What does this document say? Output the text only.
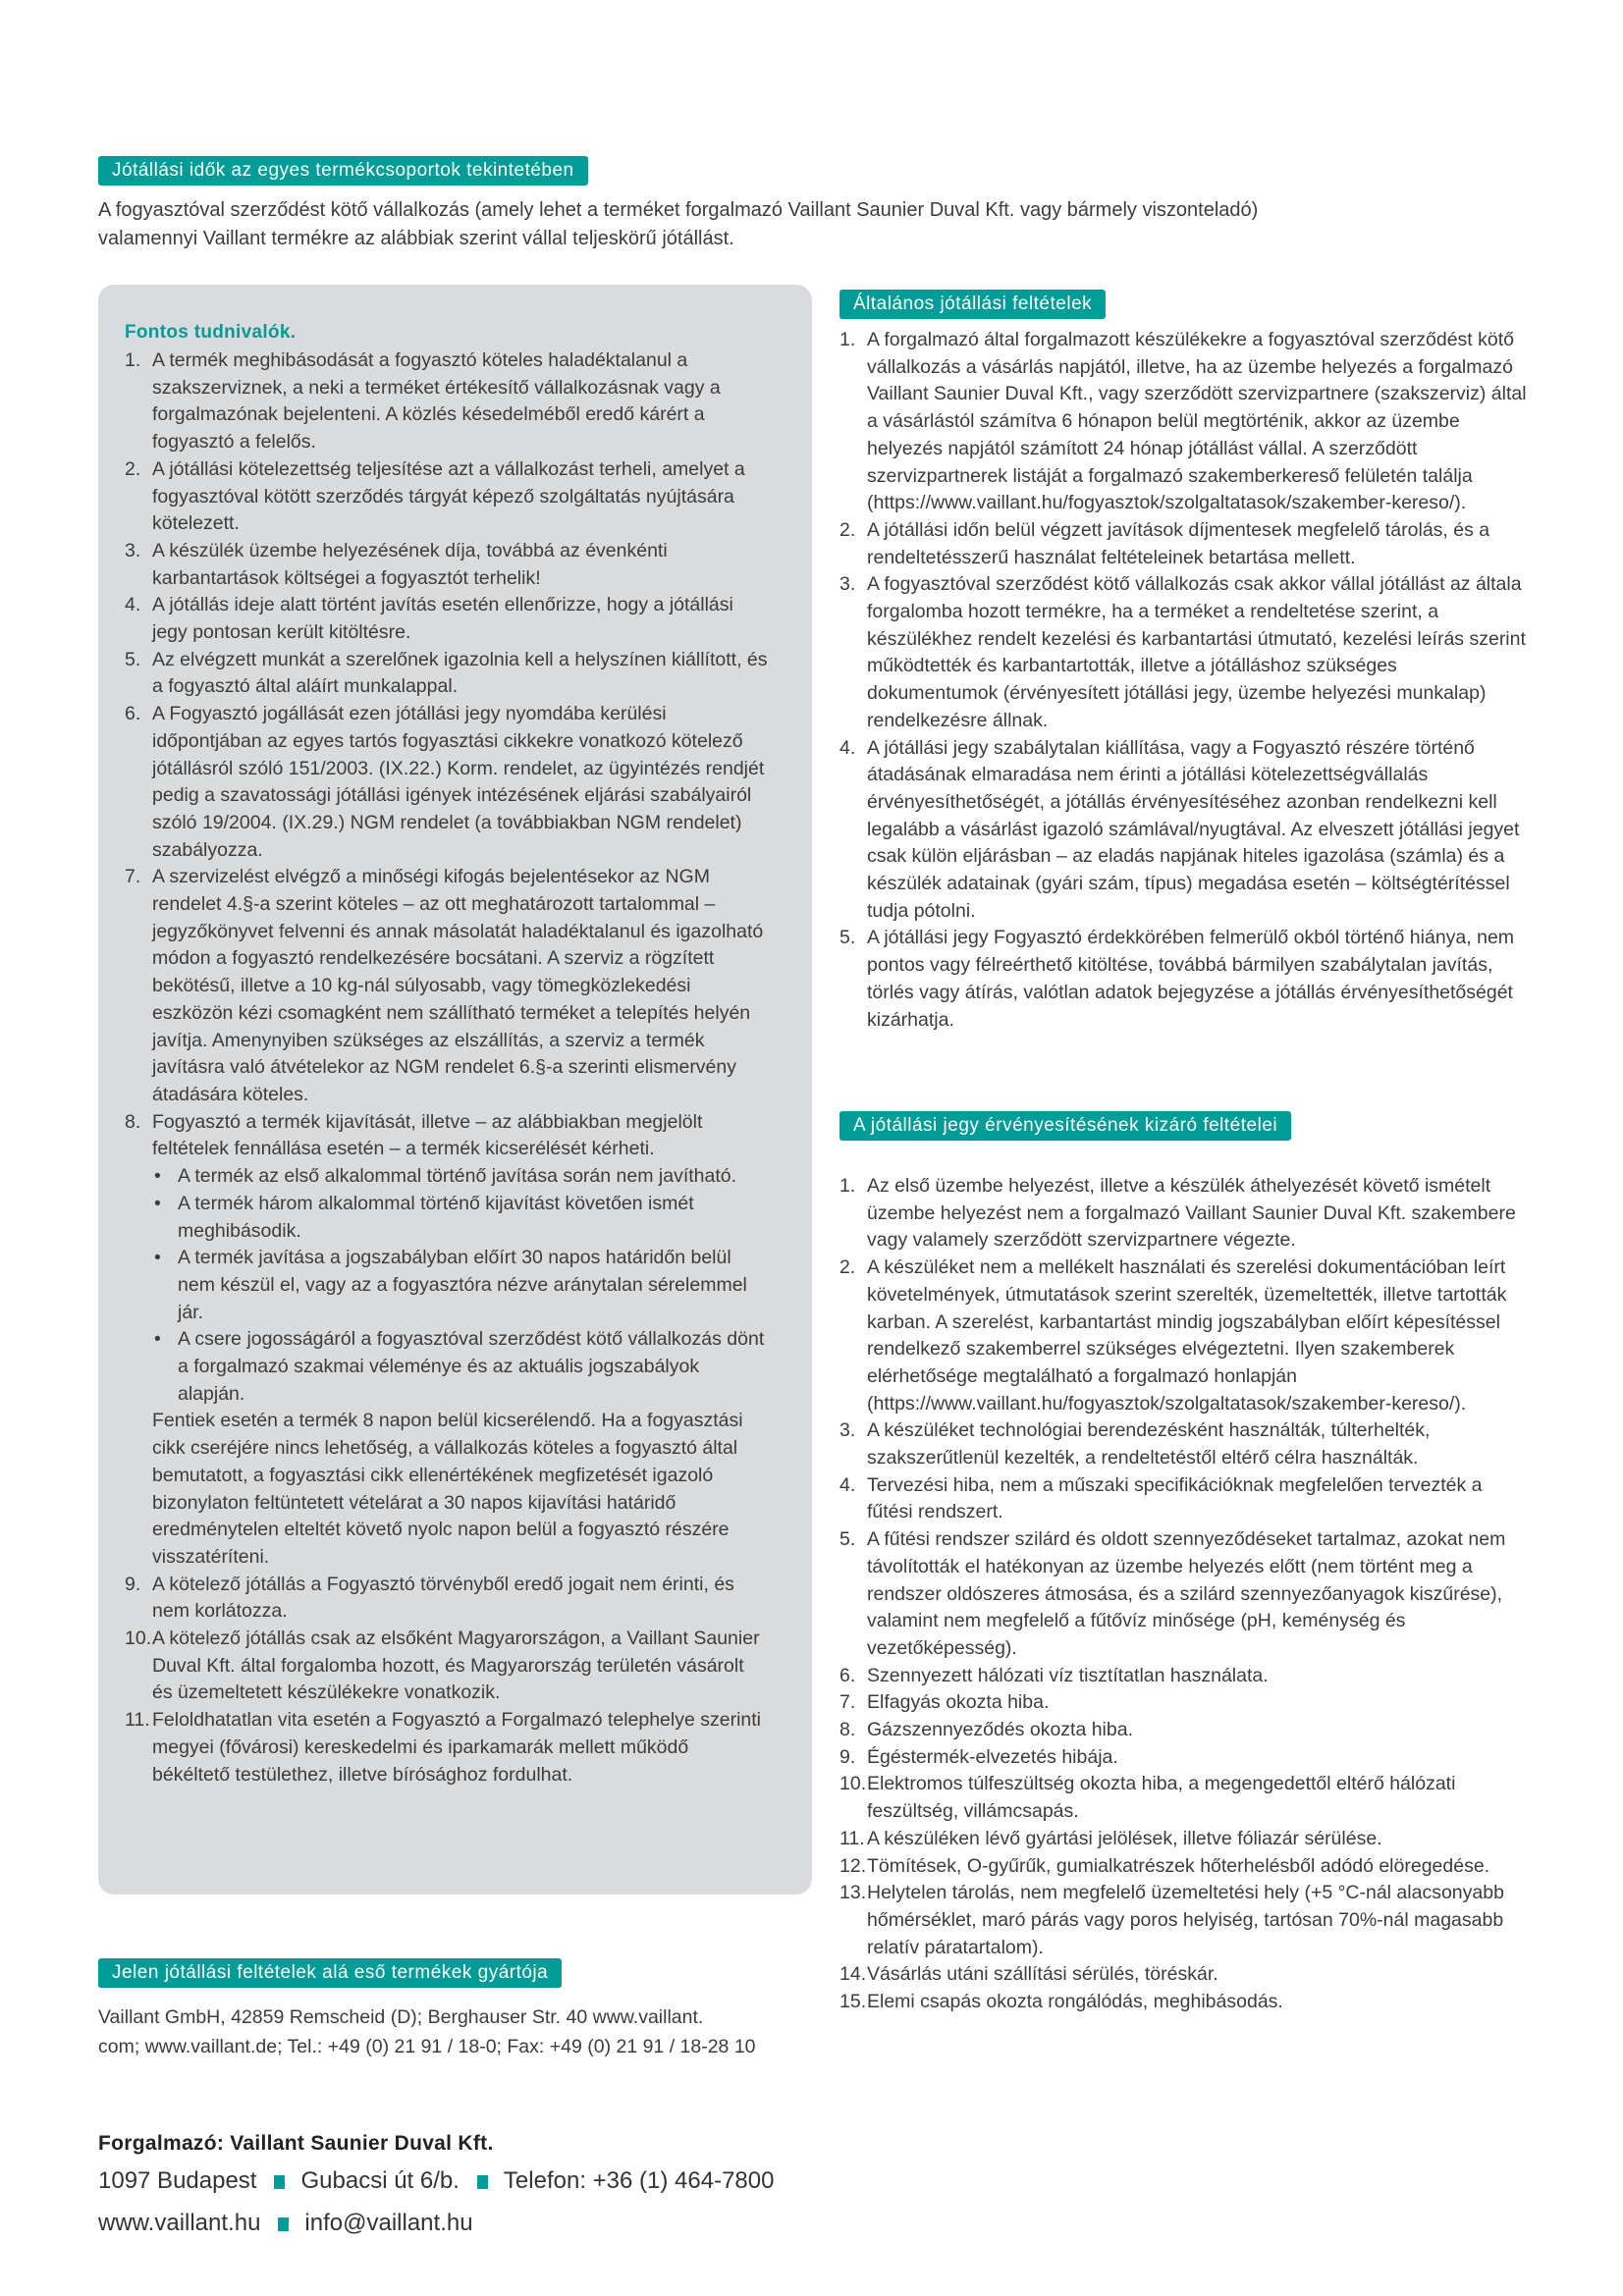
Jótállási idők az egyes termékcsoportok tekintetében
A fogyasztóval szerződést kötő vállalkozás (amely lehet a terméket forgalmazó Vaillant Saunier Duval Kft. vagy bármely viszonteladó)
valamennyi Vaillant termékre az alábbiak szerint vállal teljeskörű jótállást.
Fontos tudnivalók.
1. A termék meghibásodását a fogyasztó köteles haladéktalanul a szakszerviznek, a neki a terméket értékesítő vállalkozásnak vagy a forgalmazónak bejelenteni. A közlés késedelméből eredő kárért a fogyasztó a felelős.
2. A jótállási kötelezettség teljesítése azt a vállalkozást terheli, amelyet a fogyasztóval kötött szerződés tárgyát képező szolgáltatás nyújtására kötelezett.
3. A készülék üzembe helyezésének díja, továbbá az évenkénti karbantartások költségei a fogyasztót terhelik!
4. A jótállás ideje alatt történt javítás esetén ellenőrizze, hogy a jótállási jegy pontosan került kitöltésre.
5. Az elvégzett munkát a szerelőnek igazolnia kell a helyszínen kiállított, és a fogyasztó által aláírt munkalappal.
6. A Fogyasztó jogállását ezen jótállási jegy nyomdába kerülési időpontjában az egyes tartós fogyasztási cikkekre vonatkozó kötelező jótállásról szóló 151/2003. (IX.22.) Korm. rendelet, az ügyintézés rendjét pedig a szavatossági jótállási igények intézésének eljárási szabályairól szóló 19/2004. (IX.29.) NGM rendelet (a továbbiakban NGM rendelet) szabályozza.
7. A szervizelést elvégző a minőségi kifogás bejelentésekor az NGM rendelet 4.§-a szerint köteles – az ott meghatározott tartalommal – jegyzőkönyvet felvenni és annak másolatát haladéktalanul és igazolható módon a fogyasztó rendelkezésére bocsátani. A szerviz a rögzített bekötésű, illetve a 10 kg-nál súlyosabb, vagy tömegközlekedési eszközön kézi csomagként nem szállítható terméket a telepítés helyén javítja. Amenynyiben szükséges az elszállítás, a szerviz a termék javításra való átvételekor az NGM rendelet 6.§-a szerinti elismervény átadására köteles.
8. Fogyasztó a termék kijavítását, illetve – az alábbiakban megjelölt feltételek fennállása esetén – a termék kicserélését kérheti.
• A termék az első alkalommal történő javítása során nem javítható.
• A termék három alkalommal történő kijavítást követően ismét meghibásodik.
• A termék javítása a jogszabályban előírt 30 napos határidőn belül nem készül el, vagy az a fogyasztóra nézve aránytalan sérelemmel jár.
• A csere jogosságáról a fogyasztóval szerződést kötő vállalkozás dönt a forgalmazó szakmai véleménye és az aktuális jogszabályok alapján.
Fentiek esetén a termék 8 napon belül kicserélendő. Ha a fogyasztási cikk cseréjére nincs lehetőség, a vállalkozás köteles a fogyasztó által bemutatott, a fogyasztási cikk ellenértékének megfizetését igazoló bizonylaton feltüntetett vételárat a 30 napos kijavítási határidő eredménytelen elteltét követő nyolc napon belül a fogyasztó részére visszatéríteni.
9. A kötelező jótállás a Fogyasztó törvényből eredő jogait nem érinti, és nem korlátozza.
10. A kötelező jótállás csak az elsőként Magyarországon, a Vaillant Saunier Duval Kft. által forgalomba hozott, és Magyarország területén vásárolt és üzemeltetett készülékekre vonatkozik.
11. Feloldhatatlan vita esetén a Fogyasztó a Forgalmazó telephelye szerinti megyei (fővárosi) kereskedelmi és iparkamarák mellett működő békéltető testülethez, illetve bírósághoz fordulhat.
Általános jótállási feltételek
1. A forgalmazó által forgalmazott készülékekre a fogyasztóval szerződést kötő vállalkozás a vásárlás napjától, illetve, ha az üzembe helyezés a forgalmazó Vaillant Saunier Duval Kft., vagy szerződött szervizpartnere (szakszerviz) által a vásárlástól számítva 6 hónapon belül megtörténik, akkor az üzembe helyezés napjától számított 24 hónap jótállást vállal. A szerződött szervizpartnerek listáját a forgalmazó szakemberkereső felületén találja (https://www.vaillant.hu/fogyasztok/szolgaltatasok/szakember-kereso/).
2. A jótállási időn belül végzett javítások díjmentesek megfelelő tárolás, és a rendeltetésszerű használat feltételeinek betartása mellett.
3. A fogyasztóval szerződést kötő vállalkozás csak akkor vállal jótállást az általa forgalomba hozott termékre, ha a terméket a rendeltetése szerint, a készülékhez rendelt kezelési és karbantartási útmutató, kezelési leírás szerint működtették és karbantartották, illetve a jótálláshoz szükséges dokumentumok (érvényesített jótállási jegy, üzembe helyezési munkalap) rendelkezésre állnak.
4. A jótállási jegy szabálytalan kiállítása, vagy a Fogyasztó részére történő átadásának elmaradása nem érinti a jótállási kötelezettségvállalás érvényesíthetőségét, a jótállás érvényesítéséhez azonban rendelkezni kell legalább a vásárlást igazoló számlával/nyugtával. Az elveszett jótállási jegyet csak külön eljárásban – az eladás napjának hiteles igazolása (számla) és a készülék adatainak (gyári szám, típus) megadása esetén – költségtérítéssel tudja pótolni.
5. A jótállási jegy Fogyasztó érdekkörében felmerülő okból történő hiánya, nem pontos vagy félreérthető kitöltése, továbbá bármilyen szabálytalan javítás, törlés vagy átírás, valótlan adatok bejegyzése a jótállás érvényesíthetőségét kizárhatja.
A jótállási jegy érvényesítésének kizáró feltételei
1. Az első üzembe helyezést, illetve a készülék áthelyezését követő ismételt üzembe helyezést nem a forgalmazó Vaillant Saunier Duval Kft. szakembere vagy valamely szerződött szervizpartnere végezte.
2. A készüléket nem a mellékelt használati és szerelési dokumentációban leírt követelmények, útmutatások szerint szerelték, üzemeltették, illetve tartották karban. A szerelést, karbantartást mindig jogszabályban előírt képesítéssel rendelkező szakemberrel szükséges elvégeztetni. Ilyen szakemberek elérhetősége megtalálható a forgalmazó honlapján (https://www.vaillant.hu/fogyasztok/szolgaltatasok/szakember-kereso/).
3. A készüléket technológiai berendezésként használták, túlterhelték, szakszerűtlenül kezelték, a rendeltetéstől eltérő célra használták.
4. Tervezési hiba, nem a műszaki specifikációknak megfelelően tervezték a fűtési rendszert.
5. A fűtési rendszer szilárd és oldott szennyeződéseket tartalmaz, azokat nem távolították el hatékonyan az üzembe helyezés előtt (nem történt meg a rendszer oldószeres átmosása, és a szilárd szennyezőanyagok kiszűrése), valamint nem megfelelő a fűtővíz minősége (pH, keménység és vezetőképesség).
6. Szennyezett hálózati víz tisztítatlan használata.
7. Elfagyás okozta hiba.
8. Gázszennyeződés okozta hiba.
9. Égéstermék-elvezetés hibája.
10. Elektromos túlfeszültség okozta hiba, a megengedettől eltérő hálózati feszültség, villámcsapás.
11. A készüléken lévő gyártási jelölések, illetve fóliazár sérülése.
12. Tömítések, O-gyűrűk, gumialkatrészek hőterhelésből adódó elöregedése.
13. Helytelen tárolás, nem megfelelő üzemeltetési hely (+5 °C-nál alacsonyabb hőmérséklet, maró párás vagy poros helyiség, tartósan 70%-nál magasabb relatív páratartalom).
14. Vásárlás utáni szállítási sérülés, töréskár.
15. Elemi csapás okozta rongálódás, meghibásodás.
Jelen jótállási feltételek alá eső termékek gyártója
Vaillant GmbH, 42859 Remscheid (D); Berghauser Str. 40 www.vaillant.
com; www.vaillant.de; Tel.: +49 (0) 21 91 / 18-0; Fax: +49 (0) 21 91 / 18-28 10
Forgalmazó: Vaillant Saunier Duval Kft.
1097 Budapest Gubacsi út 6/b. Telefon: +36 (1) 464-7800
www.vaillant.hu info@vaillant.hu
